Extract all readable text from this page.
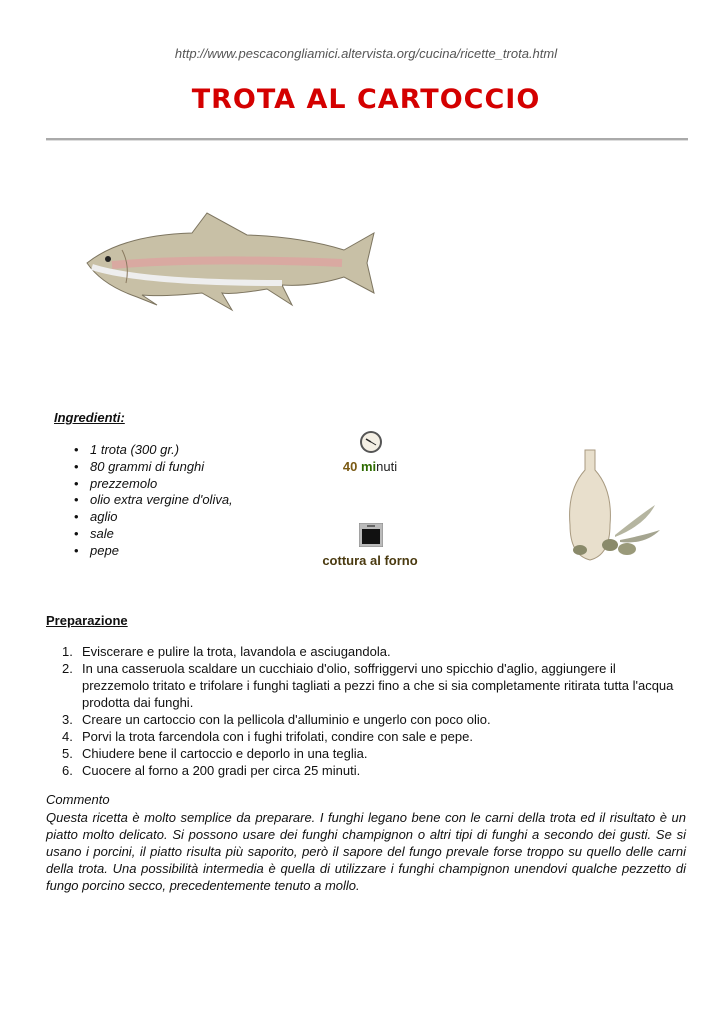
http://www.pescacongliamici.altervista.org/cucina/ricette_trota.html
TROTA AL CARTOCCIO
Ingredienti:
• 1 trota (300 gr.)
• 80 grammi di funghi
• prezzemolo
• olio extra vergine d'oliva,
• aglio
• sale
• pepe
40 minuti
cottura al forno
Preparazione
1. Eviscerare e pulire la trota, lavandola e asciugandola.
2. In una casseruola scaldare un cucchiaio d'olio, soffriggervi uno spicchio d'aglio, aggiungere il prezzemolo tritato e trifolare i funghi tagliati a pezzi fino a che si sia completamente ritirata tutta l'acqua prodotta dai funghi.
3. Creare un cartoccio con la pellicola d'alluminio e ungerlo con poco olio.
4. Porvi la trota farcendola con i fughi trifolati, condire con sale e pepe.
5. Chiudere bene il cartoccio e deporlo in una teglia.
6. Cuocere al forno a 200 gradi per circa 25 minuti.
Commento
Questa ricetta è molto semplice da preparare. I funghi legano bene con le carni della trota ed il risultato è un piatto molto delicato. Si possono usare dei funghi champignon o altri tipi di funghi a secondo dei gusti. Se si usano i porcini, il piatto risulta più saporito, però il sapore del fungo prevale forse troppo su quello delle carni della trota. Una possibilità intermedia è quella di utilizzare i funghi champignon unendovi qualche pezzetto di fungo porcino secco, precedentemente tenuto a mollo.
